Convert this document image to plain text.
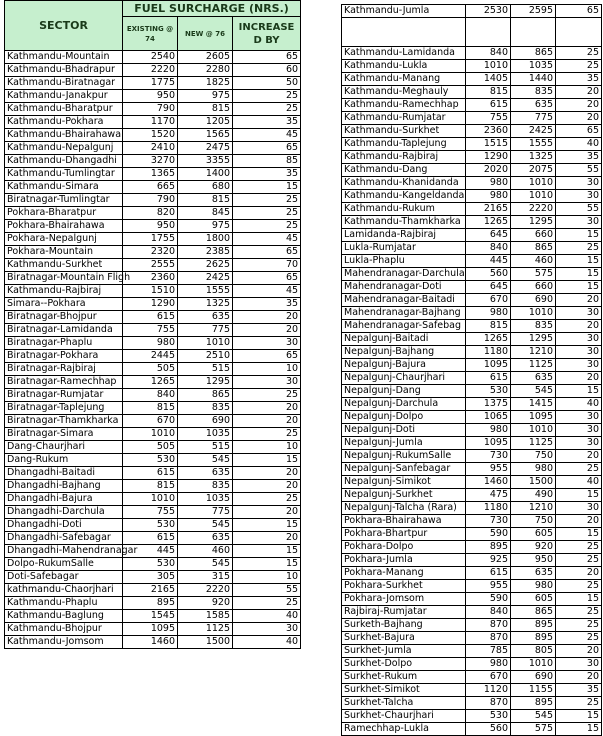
SECTOR	FUEL SURCHARGE (NRS.)		
	EXISTING @ 74	NEW @ 76	INCREASE D BY
Kathmandu-Mountain	2540	2605	65
Kathmandu-Bhadrapur	2220	2280	60
Kathmandu-Biratnagar	1775	1825	50
Kathmandu-Janakpur	950	975	25
Kathmandu-Bharatpur	790	815	25
Kathmandu-Pokhara	1170	1205	35
Kathmandu-Bhairahawa	1520	1565	45
Kathmandu-Nepalgunj	2410	2475	65
Kathmandu-Dhangadhi	3270	3355	85
Kathmandu-Tumlingtar	1365	1400	35
Kathmandu-Simara	665	680	15
Biratnagar-Tumlingtar	790	815	25
Pokhara-Bharatpur	820	845	25
Pokhara-Bhairahawa	950	975	25
Pokhara-Nepalgunj	1755	1800	45
Pokhara-Mountain	2320	2385	65
Kathmandu-Surkhet	2555	2625	70
Biratnagar-Mountain Fligh	2360	2425	65
Kathmandu-Rajbiraj	1510	1555	45
Simara--Pokhara	1290	1325	35
Biratnagar-Bhojpur	615	635	20
Biratnagar-Lamidanda	755	775	20
Biratnagar-Phaplu	980	1010	30
Biratnagar-Pokhara	2445	2510	65
Biratnagar-Rajbiraj	505	515	10
Biratnagar-Ramechhap	1265	1295	30
Biratnagar-Rumjatar	840	865	25
Biratnagar-Taplejung	815	835	20
Biratnagar-Thamkharka	670	690	20
Biratnagar-Simara	1010	1035	25
Dang-Chaurjhari	505	515	10
Dang-Rukum	530	545	15
Dhangadhi-Baitadi	615	635	20
Dhangadhi-Bajhang	815	835	20
Dhangadhi-Bajura	1010	1035	25
Dhangadhi-Darchula	755	775	20
Dhangadhi-Doti	530	545	15
Dhangadhi-Safebagar	615	635	20
Dhangadhi-Mahendranagar	445	460	15
Dolpo-RukumSalle	530	545	15
Doti-Safebagar	305	315	10
kathmandu-Chaorjhari	2165	2220	55
Kathmandu-Phaplu	895	920	25
Kathmandu-Baglung	1545	1585	40
Kathmandu-Bhojpur	1095	1125	30
Kathmandu-Jomsom	1460	1500	40
Kathmandu-Jumla	2530	2595	65

Kathmandu-Lamidanda	840	865	25
Kathmandu-Lukla	1010	1035	25
Kathmandu-Manang	1405	1440	35
Kathmandu-Meghauly	815	835	20
Kathmandu-Ramechhap	615	635	20
Kathmandu-Rumjatar	755	775	20
Kathmandu-Surkhet	2360	2425	65
Kathmandu-Taplejung	1515	1555	40
Kathmandu-Rajbiraj	1290	1325	35
Kathmandu-Dang	2020	2075	55
Kathmandu-Khanidanda	980	1010	30
Kathmandu-Kangeldanda	980	1010	30
Kathmandu-Rukum	2165	2220	55
Kathmandu-Thamkharka	1265	1295	30
Lamidanda-Rajbiraj	645	660	15
Lukla-Rumjatar	840	865	25
Lukla-Phaplu	445	460	15
Mahendranagar-Darchula	560	575	15
Mahendranagar-Doti	645	660	15
Mahendranagar-Baitadi	670	690	20
Mahendranagar-Bajhang	980	1010	30
Mahendranagar-Safebag	815	835	20
Nepalgunj-Baitadi	1265	1295	30
Nepalgunj-Bajhang	1180	1210	30
Nepalgunj-Bajura	1095	1125	30
Nepalgunj-Chaurjhari	615	635	20
Nepalgunj-Dang	530	545	15
Nepalgunj-Darchula	1375	1415	40
Nepalgunj-Dolpo	1065	1095	30
Nepalgunj-Doti	980	1010	30
Nepalgunj-Jumla	1095	1125	30
Nepalgunj-RukumSalle	730	750	20
Nepalgunj-Sanfebagar	955	980	25
Nepalgunj-Simikot	1460	1500	40
Nepalgunj-Surkhet	475	490	15
Nepalgunj-Talcha (Rara)	1180	1210	30
Pokhara-Bhairahawa	730	750	20
Pokhara-Bhartpur	590	605	15
Pokhara-Dolpo	895	920	25
Pokhara-Jumla	925	950	25
Pokhara-Manang	615	635	20
Pokhara-Surkhet	955	980	25
Pokhara-Jomsom	590	605	15
Rajbiraj-Rumjatar	840	865	25
Surketh-Bajhang	870	895	25
Surkhet-Bajura	870	895	25
Surkhet-Jumla	785	805	20
Surkhet-Dolpo	980	1010	30
Surkhet-Rukum	670	690	20
Surkhet-Simikot	1120	1155	35
Surkhet-Talcha	870	895	25
Surkhet-Chaurjhari	530	545	15
Ramechhap-Lukla	560	575	15
